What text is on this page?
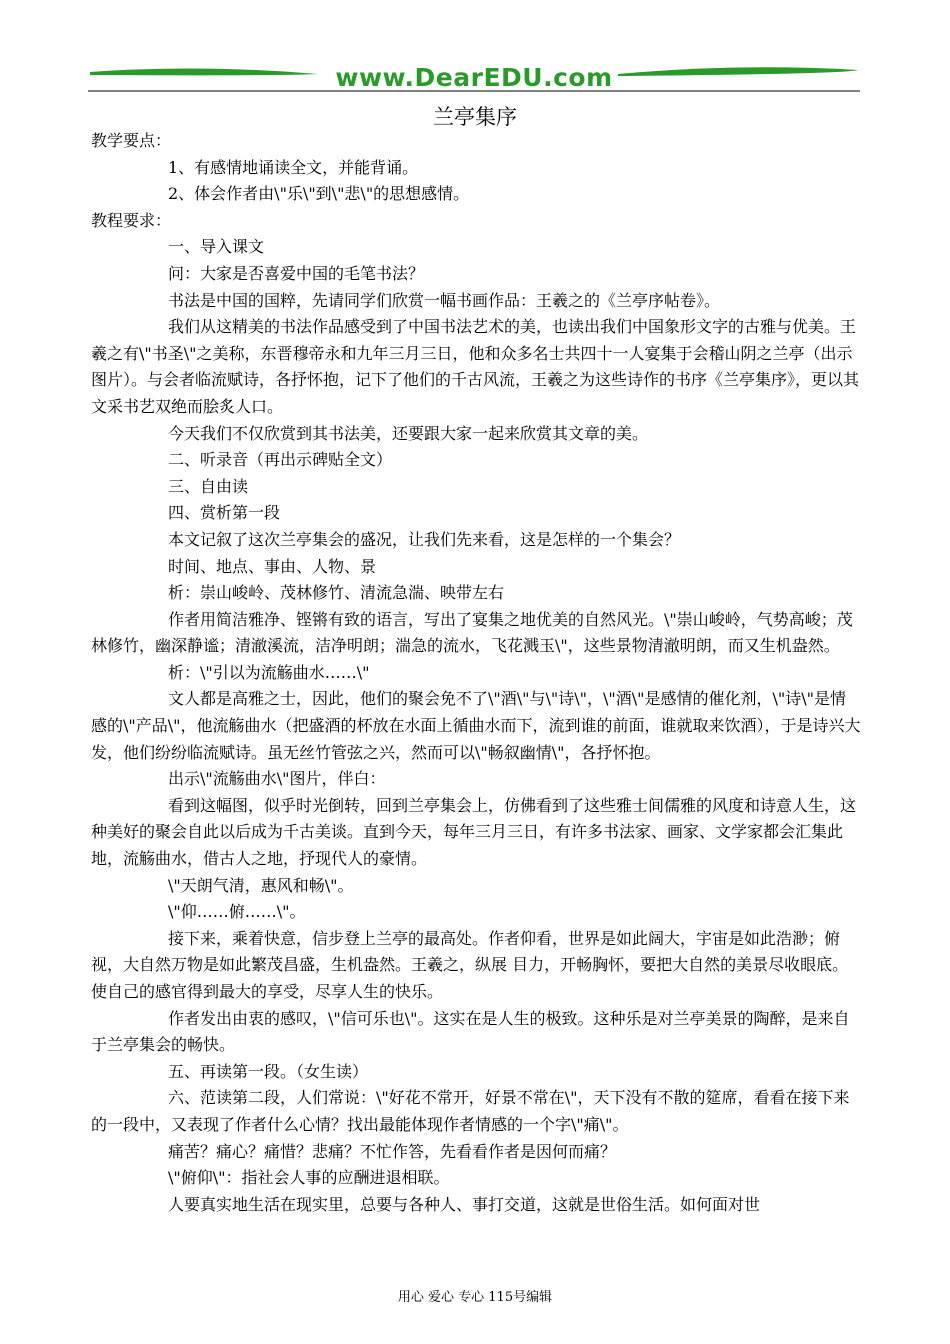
www.DearEDU.com
兰亭集序

教学要点：

1、有感情地诵读全文，并能背诵。

2、体会作者由\"乐\"到\"悲\"的思想感情。

教程要求：

一、导入课文

问：大家是否喜爱中国的毛笔书法？

书法是中国的国粹，先请同学们欣赏一幅书画作品：王羲之的《兰亭序帖卷》。

我们从这精美的书法作品感受到了中国书法艺术的美，也读出我们中国象形文字的古雅与优美。王羲之有\"书圣\"之美称，东晋穆帝永和九年三月三日，他和众多名士共四十一人宴集于会稽山阴之兰亭（出示图片）。与会者临流赋诗，各抒怀抱，记下了他们的千古风流，王羲之为这些诗作的书序《兰亭集序》，更以其文采书艺双绝而脍炙人口。

今天我们不仅欣赏到其书法美，还要跟大家一起来欣赏其文章的美。

二、听录音（再出示碑贴全文）

三、自由读

四、赏析第一段

本文记叙了这次兰亭集会的盛况，让我们先来看，这是怎样的一个集会？

时间、地点、事由、人物、景

析：崇山峻岭、茂林修竹、清流急湍、映带左右

作者用简洁雅净、铿锵有致的语言，写出了宴集之地优美的自然风光。\"崇山峻岭，气势高峻；茂林修竹，幽深静谧；清澈溪流，洁净明朗；湍急的流水，飞花溅玉\"，这些景物清澈明朗，而又生机盎然。

析：\"引以为流觞曲水……\"

文人都是高雅之士，因此，他们的聚会免不了\"酒\"与\"诗\"，\"酒\"是感情的催化剂，\"诗\"是情感的\"产品\"，他流觞曲水（把盛酒的杯放在水面上循曲水而下，流到谁的前面，谁就取来饮酒），于是诗兴大发，他们纷纷临流赋诗。虽无丝竹管弦之兴，然而可以\"畅叙幽情\"，各抒怀抱。

出示\"流觞曲水\"图片，伴白：

看到这幅图，似乎时光倒转，回到兰亭集会上，仿佛看到了这些雅士间儒雅的风度和诗意人生，这种美好的聚会自此以后成为千古美谈。直到今天，每年三月三日，有许多书法家、画家、文学家都会汇集此地，流觞曲水，借古人之地，抒现代人的豪情。

\"天朗气清，惠风和畅\"。

\"仰……俯……\"。

接下来，乘着快意，信步登上兰亭的最高处。作者仰看，世界是如此阔大，宇宙是如此浩渺；俯视，大自然万物是如此繁茂昌盛，生机盎然。王羲之，纵展 目力，开畅胸怀，要把大自然的美景尽收眼底。使自己的感官得到最大的享受，尽享人生的快乐。

作者发出由衷的感叹，\"信可乐也\"。这实在是人生的极致。这种乐是对兰亭美景的陶醉，是来自于兰亭集会的畅快。

五、再读第一段。（女生读）

六、范读第二段，人们常说：\"好花不常开，好景不常在\"，天下没有不散的筵席，看看在接下来的一段中，又表现了作者什么心情？找出最能体现作者情感的一个字\"痛\"。

痛苦？痛心？痛惜？悲痛？不忙作答，先看看作者是因何而痛？

\"俯仰\"：指社会人事的应酬进退相联。

人要真实地生活在现实里，总要与各种人、事打交道，这就是世俗生活。如何面对世

用心 爱心 专心 115号编辑
